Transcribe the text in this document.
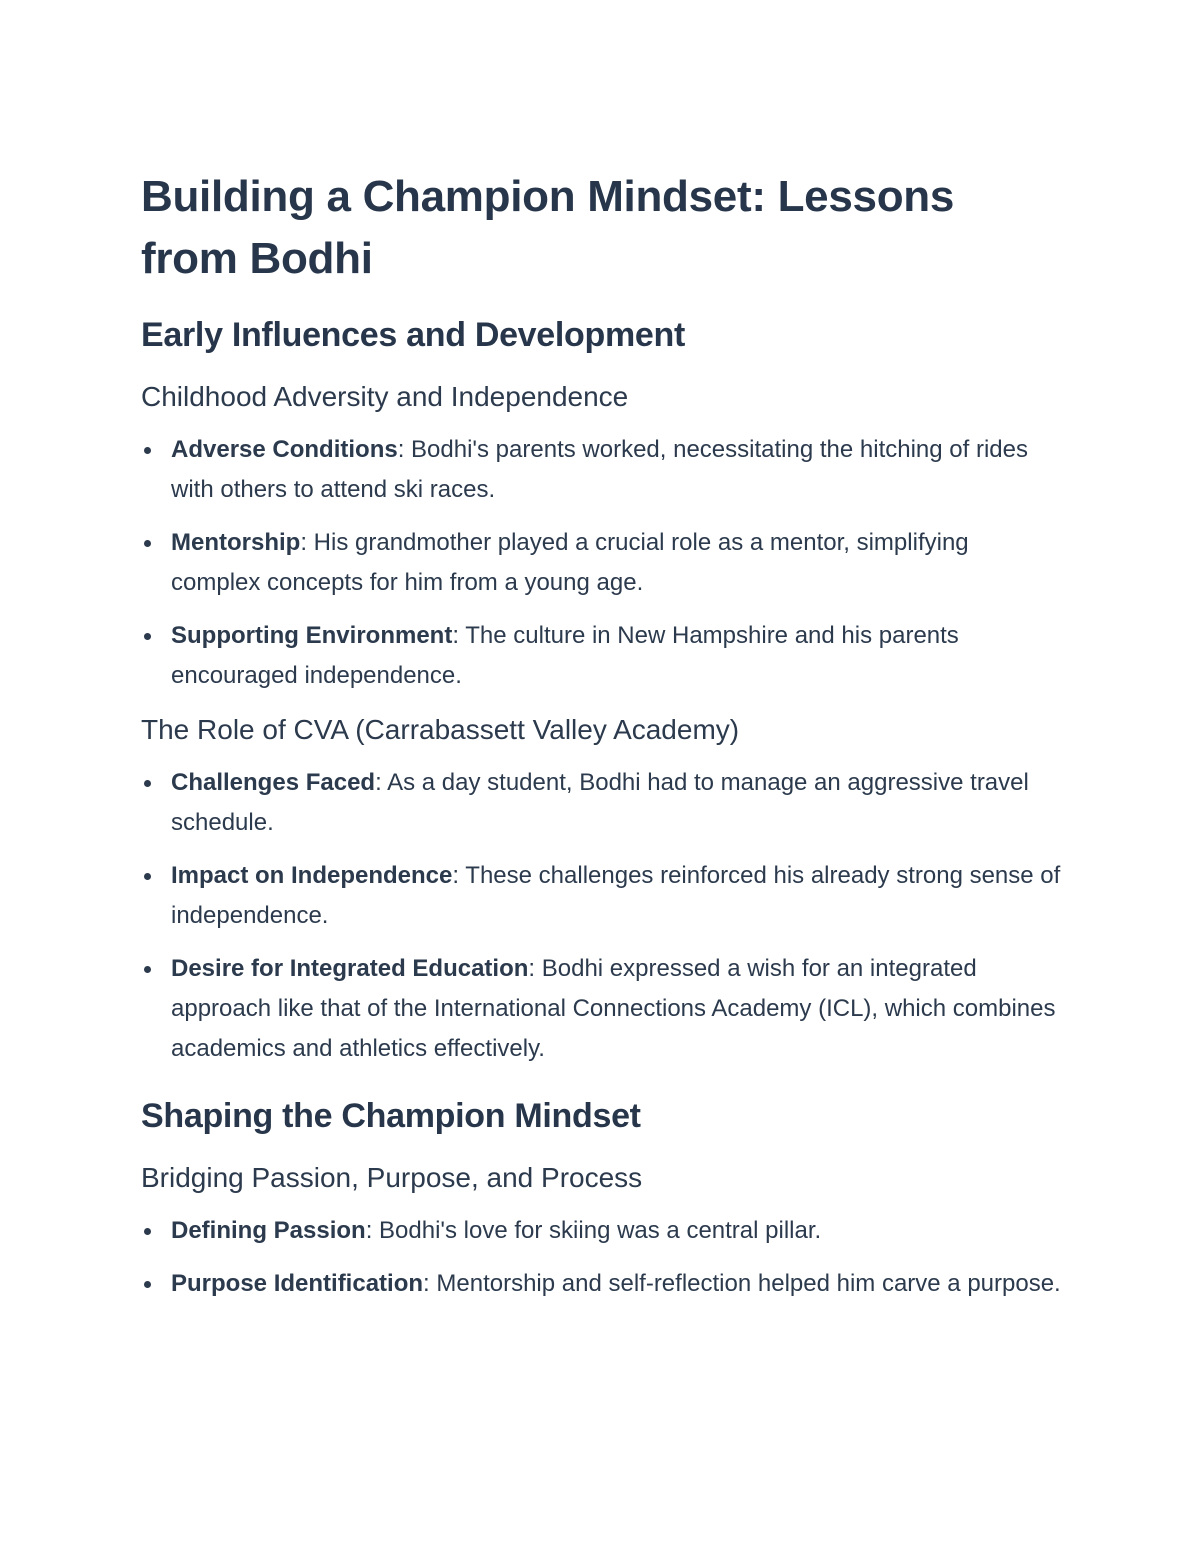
Building a Champion Mindset: Lessons from Bodhi
Early Influences and Development
Childhood Adversity and Independence
Adverse Conditions: Bodhi's parents worked, necessitating the hitching of rides with others to attend ski races.
Mentorship: His grandmother played a crucial role as a mentor, simplifying complex concepts for him from a young age.
Supporting Environment: The culture in New Hampshire and his parents encouraged independence.
The Role of CVA (Carrabassett Valley Academy)
Challenges Faced: As a day student, Bodhi had to manage an aggressive travel schedule.
Impact on Independence: These challenges reinforced his already strong sense of independence.
Desire for Integrated Education: Bodhi expressed a wish for an integrated approach like that of the International Connections Academy (ICL), which combines academics and athletics effectively.
Shaping the Champion Mindset
Bridging Passion, Purpose, and Process
Defining Passion: Bodhi's love for skiing was a central pillar.
Purpose Identification: Mentorship and self-reflection helped him carve a purpose.
